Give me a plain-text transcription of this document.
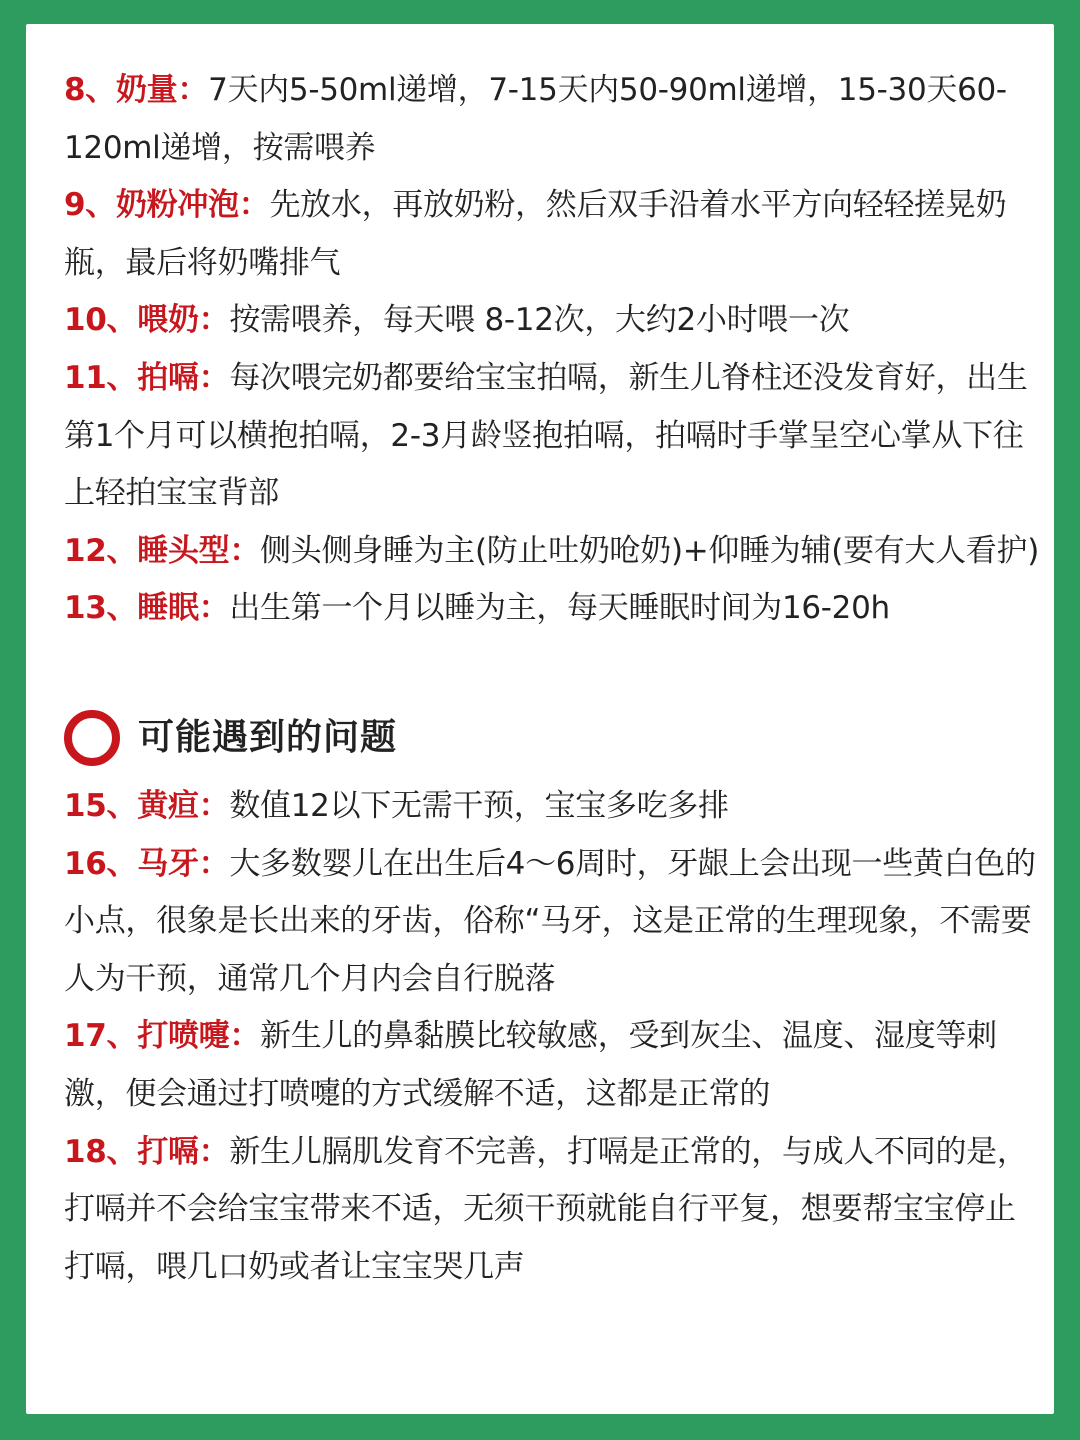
8、奶量：7天内5-50ml递增，7-15天内50-90ml递增，15-30天60-120ml递增，按需喂养

9、奶粉冲泡：先放水，再放奶粉，然后双手沿着水平方向轻轻搓晃奶瓶，最后将奶嘴排气

10、喂奶：按需喂养，每天喂 8-12次，大约2小时喂一次

11、拍嗝：每次喂完奶都要给宝宝拍嗝，新生儿脊柱还没发育好，出生第1个月可以横抱拍嗝，2-3月龄竖抱拍嗝，拍嗝时手掌呈空心掌从下往上轻拍宝宝背部

12、睡头型：侧头侧身睡为主(防止吐奶呛奶)+仰睡为辅(要有大人看护)

13、睡眠：出生第一个月以睡为主，每天睡眠时间为16-20h

可能遇到的问题

15、黄疸：数值12以下无需干预，宝宝多吃多排

16、马牙：大多数婴儿在出生后4～6周时，牙龈上会出现一些黄白色的小点，很象是长出来的牙齿，俗称“马牙，这是正常的生理现象，不需要人为干预，通常几个月内会自行脱落

17、打喷嚏：新生儿的鼻黏膜比较敏感，受到灰尘、温度、湿度等刺激，便会通过打喷嚏的方式缓解不适，这都是正常的

18、打嗝：新生儿膈肌发育不完善，打嗝是正常的，与成人不同的是，打嗝并不会给宝宝带来不适，无须干预就能自行平复，想要帮宝宝停止打嗝，喂几口奶或者让宝宝哭几声
